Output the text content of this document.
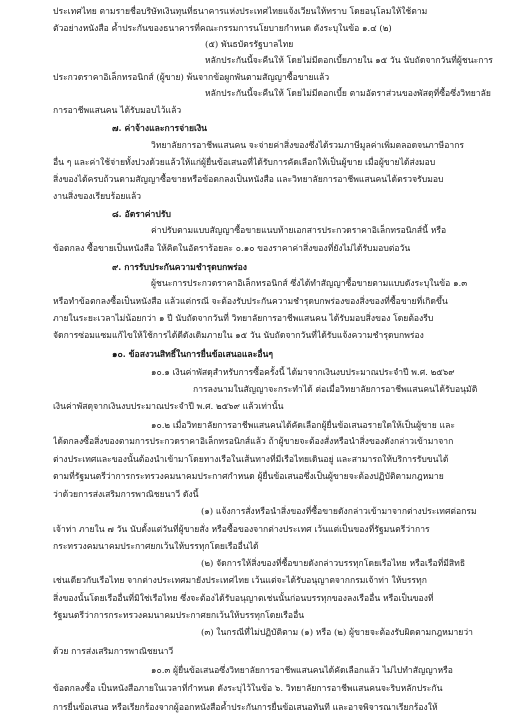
ประเทศไทย ตามรายชื่อบริษัทเงินทุนที่ธนาคารแห่งประเทศไทยแจ้งเวียนให้ทราบ โดยอนุโลมให้ใช้ตาม
ตัวอย่างหนังสือ ค้ำประกันของธนาคารที่คณะกรรมการนโยบายกำหนด ดังระบุในข้อ ๑.๔ (๒)
(๕) พันธบัตรรัฐบาลไทย
หลักประกันนี้จะคืนให้ โดยไม่มีดอกเบี้ยภายใน ๑๕ วัน นับถัดจากวันที่ผู้ชนะการ
ประกวดราคาอิเล็กทรอนิกส์ (ผู้ขาย) พ้นจากข้อผูกพันตามสัญญาซื้อขายแล้ว
หลักประกันนี้จะคืนให้ โดยไม่มีดอกเบี้ย ตามอัตราส่วนของพัสดุที่ซื้อซึ่งวิทยาลัย
การอาชีพแสนคน ได้รับมอบไว้แล้ว
๗. ค่าจ้างและการจ่ายเงิน
วิทยาลัยการอาชีพแสนคน จะจ่ายค่าสิ่งของซึ่งได้รวมภาษีมูลค่าเพิ่มตลอดจนภาษีอากร
อื่น ๆ และค่าใช้จ่ายทั้งปวงด้วยแล้วให้แก่ผู้ยื่นข้อเสนอที่ได้รับการคัดเลือกให้เป็นผู้ขาย เมื่อผู้ขายได้ส่งมอบ
สิ่งของได้ครบถ้วนตามสัญญาซื้อขายหรือข้อตกลงเป็นหนังสือ และวิทยาลัยการอาชีพแสนคนได้ตรวจรับมอบ
งานสิ่งของเรียบร้อยแล้ว
๘. อัตราค่าปรับ
ค่าปรับตามแบบสัญญาซื้อขายแนบท้ายเอกสารประกวดราคาอิเล็กทรอนิกส์นี้ หรือ
ข้อตกลง ซื้อขายเป็นหนังสือ ให้คิดในอัตราร้อยละ ๐.๑๐ ของราคาค่าสิ่งของที่ยังไม่ได้รับมอบต่อวัน
๙. การรับประกันความชำรุดบกพร่อง
ผู้ชนะการประกวดราคาอิเล็กทรอนิกส์ ซึ่งได้ทำสัญญาซื้อขายตามแบบดังระบุในข้อ ๑.๓
หรือทำข้อตกลงซื้อเป็นหนังสือ แล้วแต่กรณี จะต้องรับประกันความชำรุดบกพร่องของสิ่งของที่ซื้อขายที่เกิดขึ้น
ภายในระยะเวลาไม่น้อยกว่า ๑ ปี นับถัดจากวันที่ วิทยาลัยการอาชีพแสนคน ได้รับมอบสิ่งของ โดยต้องรีบ
จัดการซ่อมแซมแก้ไขให้ใช้การได้ดีดังเดิมภายใน ๑๕ วัน นับถัดจากวันที่ได้รับแจ้งความชำรุดบกพร่อง
๑๐. ข้อสงวนสิทธิ์ในการยื่นข้อเสนอและอื่นๆ
๑๐.๑ เงินค่าพัสดุสำหรับการซื้อครั้งนี้ ได้มาจากเงินงบประมาณประจำปี พ.ศ. ๒๕๖๙
การลงนามในสัญญาจะกระทำได้ ต่อเมื่อวิทยาลัยการอาชีพแสนคนได้รับอนุมัติ
เงินค่าพัสดุจากเงินงบประมาณประจำปี พ.ศ. ๒๕๖๙ แล้วเท่านั้น
๑๐.๒ เมื่อวิทยาลัยการอาชีพแสนคนได้คัดเลือกผู้ยื่นข้อเสนอรายใดให้เป็นผู้ขาย และ
ได้ตกลงซื้อสิ่งของตามการประกวดราคาอิเล็กทรอนิกส์แล้ว ถ้าผู้ขายจะต้องสั่งหรือนำสิ่งของดังกล่าวเข้ามาจาก
ต่างประเทศและของนั้นต้องนำเข้ามาโดยทางเรือในเส้นทางที่มีเรือไทยเดินอยู่ และสามารถให้บริการรับขนได้
ตามที่รัฐมนตรีว่าการกระทรวงคมนาคมประกาศกำหนด ผู้ยื่นข้อเสนอซึ่งเป็นผู้ขายจะต้องปฏิบัติตามกฎหมาย
ว่าด้วยการส่งเสริมการพาณิชยนาวี ดังนี้
(๑) แจ้งการสั่งหรือนำสิ่งของที่ซื้อขายดังกล่าวเข้ามาจากต่างประเทศต่อกรม
เจ้าท่า ภายใน ๗ วัน นับตั้งแต่วันที่ผู้ขายสั่ง หรือซื้อของจากต่างประเทศ เว้นแต่เป็นของที่รัฐมนตรีว่าการ
กระทรวงคมนาคมประกาศยกเว้นให้บรรทุกโดยเรืออื่นได้
(๒) จัดการให้สิ่งของที่ซื้อขายดังกล่าวบรรทุกโดยเรือไทย หรือเรือที่มีสิทธิ
เช่นเดียวกับเรือไทย จากต่างประเทศมายังประเทศไทย เว้นแต่จะได้รับอนุญาตจากกรมเจ้าท่า ให้บรรทุก
สิ่งของนั้นโดยเรืออื่นที่มิใช่เรือไทย ซึ่งจะต้องได้รับอนุญาตเช่นนั้นก่อนบรรทุกของลงเรืออื่น หรือเป็นของที่
รัฐมนตรีว่าการกระทรวงคมนาคมประกาศยกเว้นให้บรรทุกโดยเรืออื่น
(๓) ในกรณีที่ไม่ปฏิบัติตาม (๑) หรือ (๒) ผู้ขายจะต้องรับผิดตามกฎหมายว่า
ด้วย การส่งเสริมการพาณิชยนาวี
๑๐.๓ ผู้ยื่นข้อเสนอซึ่งวิทยาลัยการอาชีพแสนคนได้คัดเลือกแล้ว ไม่ไปทำสัญญาหรือ
ข้อตกลงซื้อ เป็นหนังสือภายในเวลาที่กำหนด ดังระบุไว้ในข้อ ๖. วิทยาลัยการอาชีพแสนคนจะริบหลักประกัน
การยื่นข้อเสนอ หรือเรียกร้องจากผู้ออกหนังสือค้ำประกันการยื่นข้อเสนอทันที และอาจพิจารณาเรียกร้องให้
